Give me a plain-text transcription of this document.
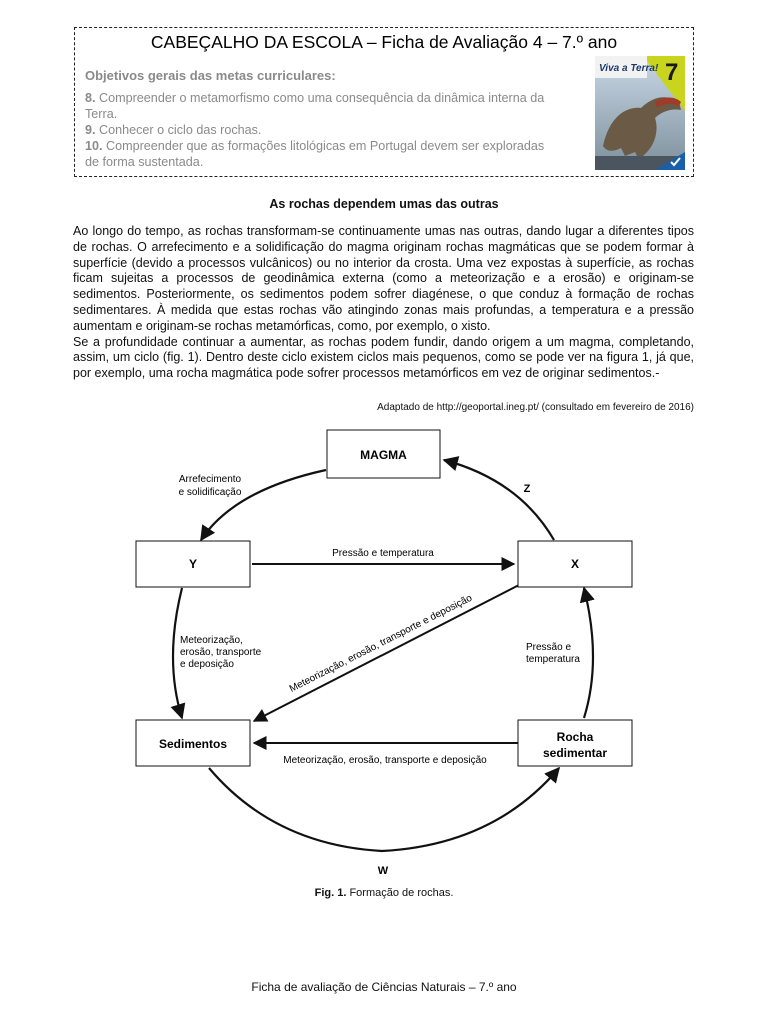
CABEÇALHO DA ESCOLA – Ficha de Avaliação 4 – 7.º ano
Objetivos gerais das metas curriculares:
8. Compreender o metamorfismo como uma consequência da dinâmica interna da Terra.
9. Conhecer o ciclo das rochas.
10. Compreender que as formações litológicas em Portugal devem ser exploradas de forma sustentada.
Viva a Terra! 7
As rochas dependem umas das outras

Ao longo do tempo, as rochas transformam-se continuamente umas nas outras, dando lugar a diferentes tipos de rochas. O arrefecimento e a solidificação do magma originam rochas magmáticas que se podem formar à superfície (devido a processos vulcânicos) ou no interior da crosta. Uma vez expostas à superfície, as rochas ficam sujeitas a processos de geodinâmica externa (como a meteorização e a erosão) e originam-se sedimentos. Posteriormente, os sedimentos podem sofrer diagénese, o que conduz à formação de rochas sedimentares. À medida que estas rochas vão atingindo zonas mais profundas, a temperatura e a pressão aumentam e originam-se rochas metamórficas, como, por exemplo, o xisto.

Se a profundidade continuar a aumentar, as rochas podem fundir, dando origem a um magma, completando, assim, um ciclo (fig. 1). Dentro deste ciclo existem ciclos mais pequenos, como se pode ver na figura 1, já que, por exemplo, uma rocha magmática pode sofrer processos metamórficos em vez de originar sedimentos.-

Adaptado de http://geoportal.ineg.pt/ (consultado em fevereiro de 2016)
MAGMA
Y	X
Sedimentos	Rocha
sedimentar
Arrefecimento
e solidificação	Z
Pressão e temperatura
Meteorização,
erosão, transporte
e deposição
Pressão e
temperatura
Meteorização, erosão, transporte e deposição
Meteorização, erosão, transporte e deposição
W
Fig. 1. Formação de rochas.
Ficha de avaliação de Ciências Naturais – 7.º ano
